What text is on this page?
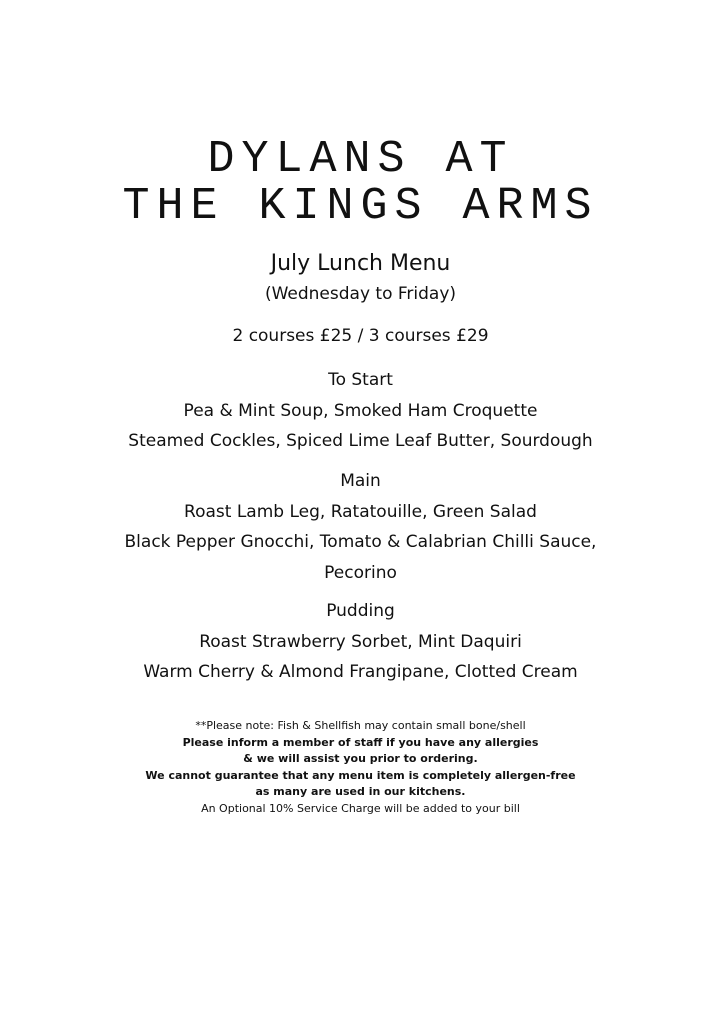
DYLANS AT
THE KINGS ARMS
July Lunch Menu
(Wednesday to Friday)
2 courses £25 / 3 courses £29
To Start
Pea & Mint Soup, Smoked Ham Croquette
Steamed Cockles, Spiced Lime Leaf Butter, Sourdough
Main
Roast Lamb Leg, Ratatouille, Green Salad
Black Pepper Gnocchi, Tomato & Calabrian Chilli Sauce,
Pecorino
Pudding
Roast Strawberry Sorbet, Mint Daquiri
Warm Cherry & Almond Frangipane, Clotted Cream
**Please note: Fish & Shellfish may contain small bone/shell
Please inform a member of staff if you have any allergies
& we will assist you prior to ordering.
We cannot guarantee that any menu item is completely allergen-free
as many are used in our kitchens.
An Optional 10% Service Charge will be added to your bill
